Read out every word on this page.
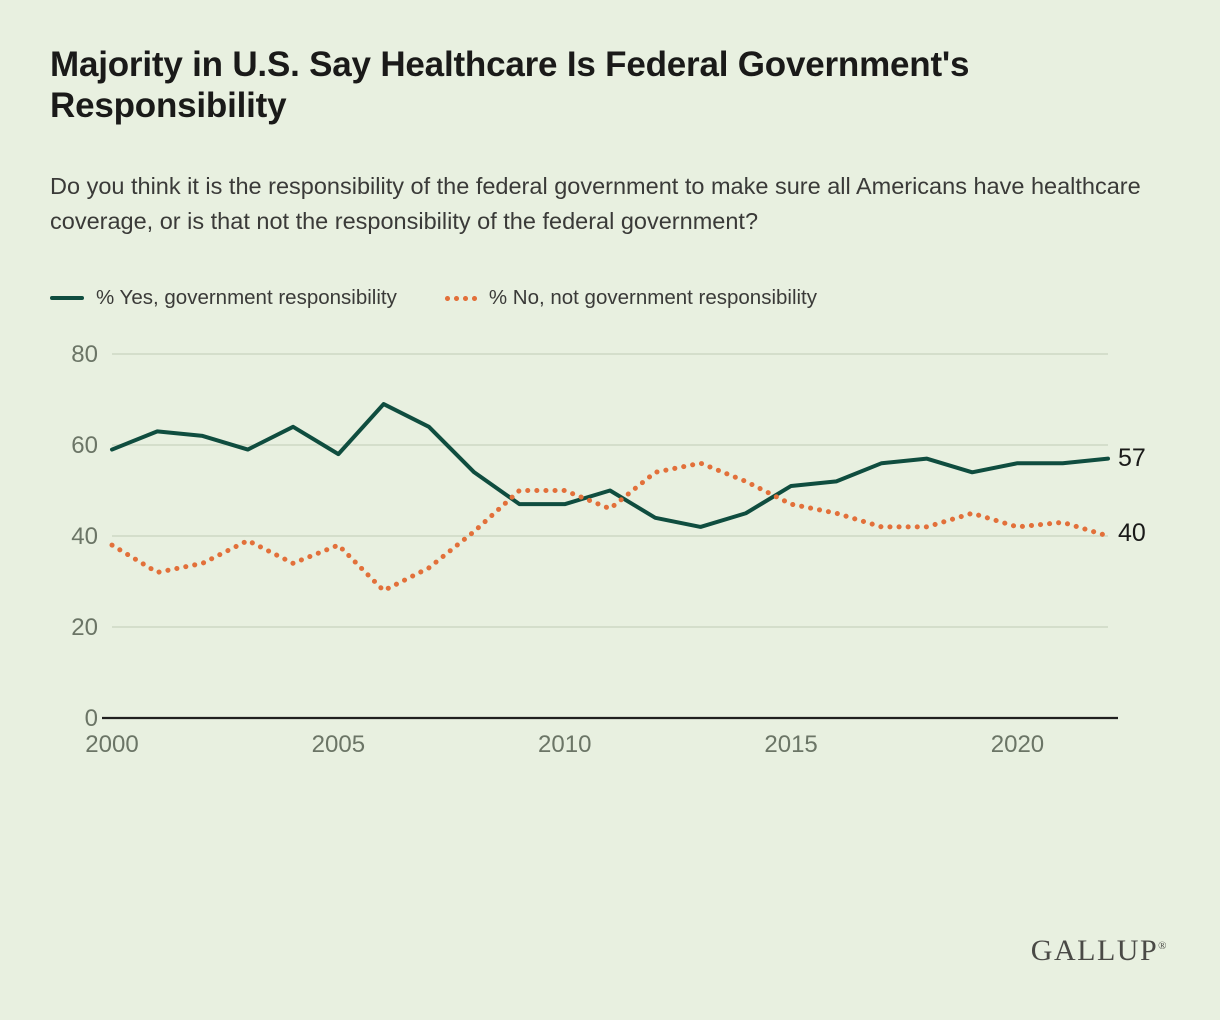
Majority in U.S. Say Healthcare Is Federal Government's Responsibility

Do you think it is the responsibility of the federal government to make sure all Americans have healthcare coverage, or is that not the responsibility of the federal government?

% Yes, government responsibility	% No, not government responsibility
0
20
40
60
80
2000	2005	2010	2015	2020
57
40
GALLUP®
